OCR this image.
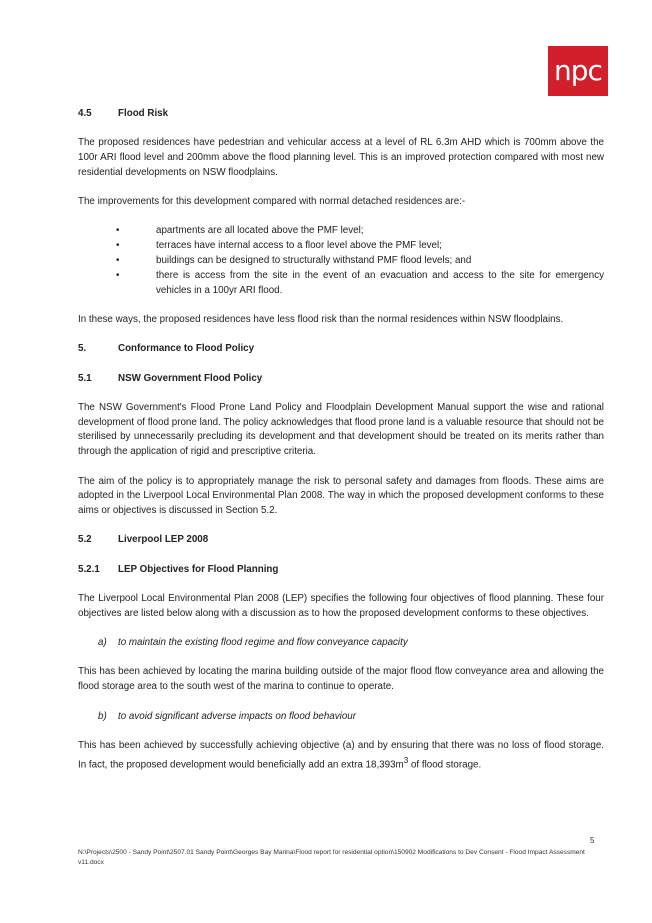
npc
4.5	Flood Risk

The proposed residences have pedestrian and vehicular access at a level of RL 6.3m AHD which is 700mm above the 100r ARI flood level and 200mm above the flood planning level. This is an improved protection compared with most new residential developments on NSW floodplains.

The improvements for this development compared with normal detached residences are:-

•	apartments are all located above the PMF level;
•	terraces have internal access to a floor level above the PMF level;
•	buildings can be designed to structurally withstand PMF flood levels; and
•	there is access from the site in the event of an evacuation and access to the site for emergency vehicles in a 100yr ARI flood.

In these ways, the proposed residences have less flood risk than the normal residences within NSW floodplains.

5.	Conformance to Flood Policy
5.1	NSW Government Flood Policy

The NSW Government's Flood Prone Land Policy and Floodplain Development Manual support the wise and rational development of flood prone land. The policy acknowledges that flood prone land is a valuable resource that should not be sterilised by unnecessarily precluding its development and that development should be treated on its merits rather than through the application of rigid and prescriptive criteria.

The aim of the policy is to appropriately manage the risk to personal safety and damages from floods. These aims are adopted in the Liverpool Local Environmental Plan 2008. The way in which the proposed development conforms to these aims or objectives is discussed in Section 5.2.

5.2	Liverpool LEP 2008
5.2.1	LEP Objectives for Flood Planning

The Liverpool Local Environmental Plan 2008 (LEP) specifies the following four objectives of flood planning. These four objectives are listed below along with a discussion as to how the proposed development conforms to these objectives.

a)	to maintain the existing flood regime and flow conveyance capacity

This has been achieved by locating the marina building outside of the major flood flow conveyance area and allowing the flood storage area to the south west of the marina to continue to operate.

b)	to avoid significant adverse impacts on flood behaviour

This has been achieved by successfully achieving objective (a) and by ensuring that there was no loss of flood storage. In fact, the proposed development would beneficially add an extra $18,393m^3$ of flood storage.

5
N:\Projects\2500 - Sandy Point\2507.01 Sandy Point\Georges Bay Marina\Flood report for residential option\150902 Modifications to Dev Consent - Flood Impact Assessment v11.docx
